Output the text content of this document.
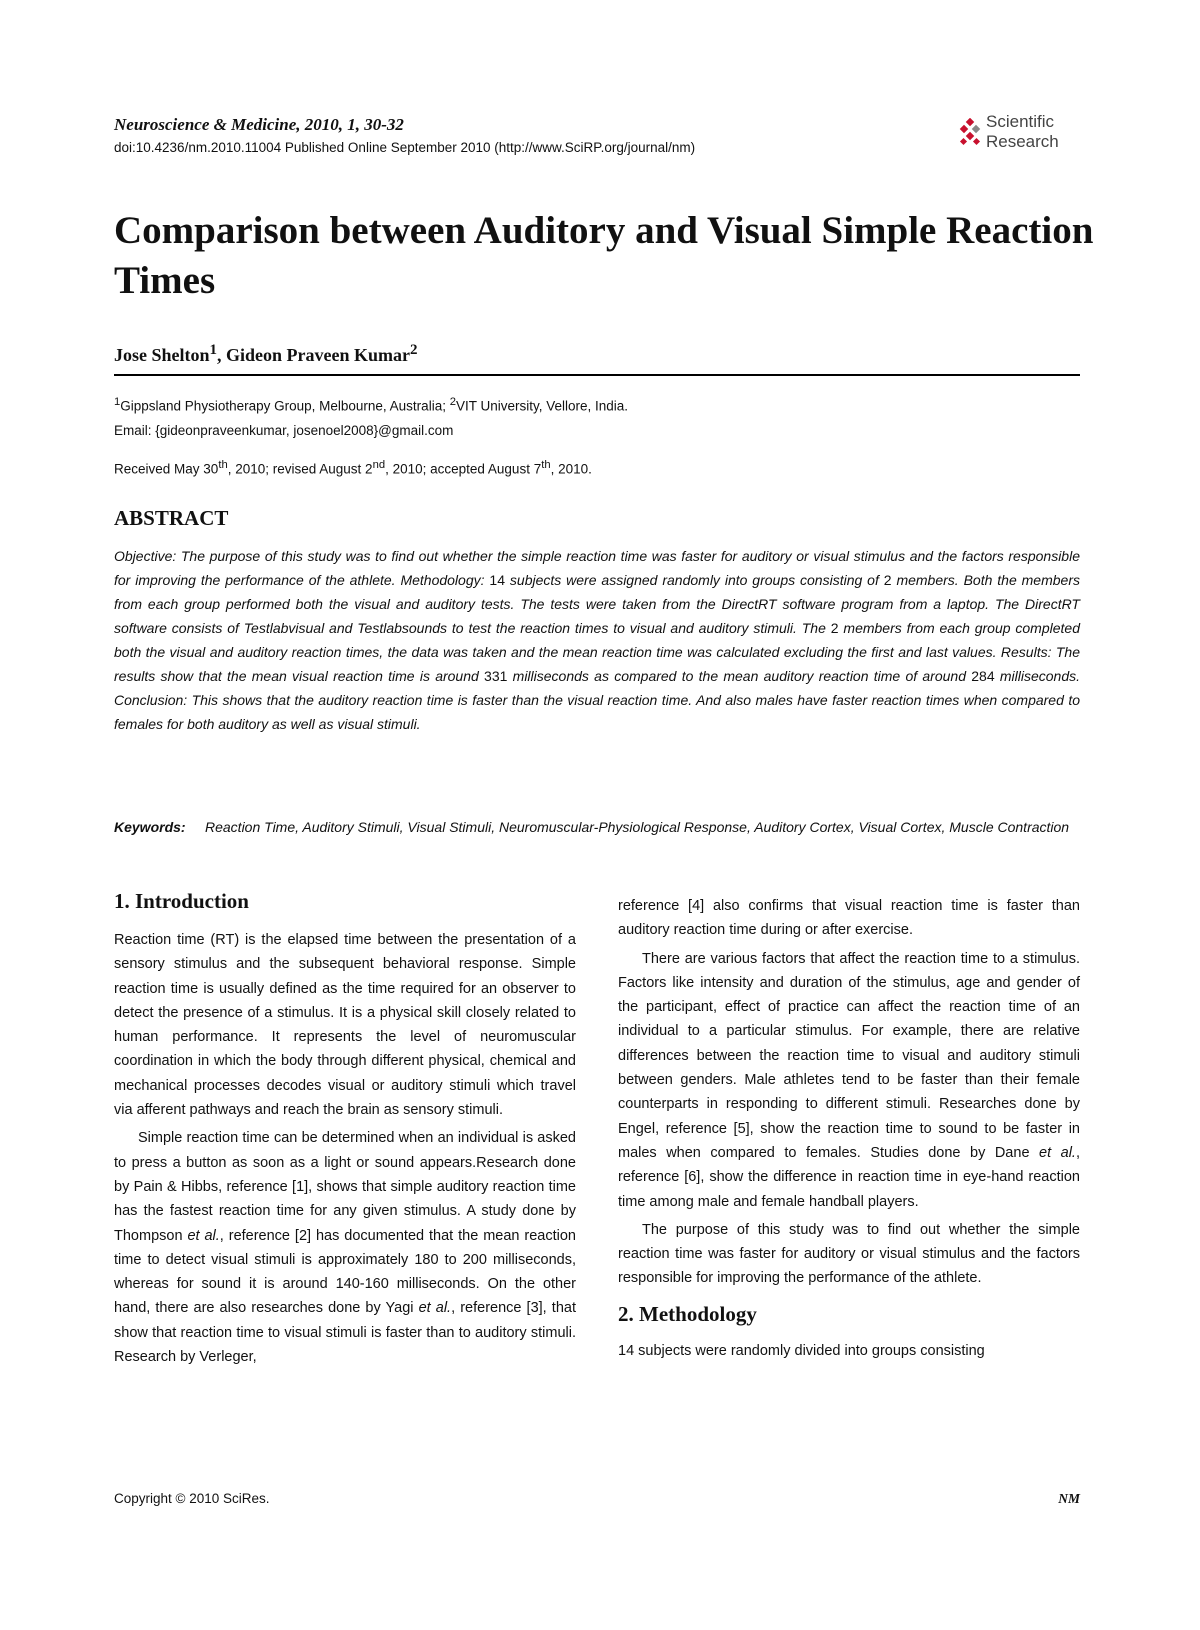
Neuroscience & Medicine, 2010, 1, 30-32
doi:10.4236/nm.2010.11004 Published Online September 2010 (http://www.SciRP.org/journal/nm)
Scientific
Research
Comparison between Auditory and Visual Simple Reaction Times
Jose Shelton$^1$, Gideon Praveen Kumar$^2$
$^1$Gippsland Physiotherapy Group, Melbourne, Australia; $^2$VIT University, Vellore, India.
Email: {gideonpraveenkumar, josenoel2008}@gmail.com
Received May 30th, 2010; revised August 2nd, 2010; accepted August 7th, 2010.
ABSTRACT

Objective: The purpose of this study was to find out whether the simple reaction time was faster for auditory or visual stimulus and the factors responsible for improving the performance of the athlete. Methodology: 14 subjects were assigned randomly into groups consisting of 2 members. Both the members from each group performed both the visual and auditory tests. The tests were taken from the DirectRT software program from a laptop. The DirectRT software consists of Testlabvisual and Testlabsounds to test the reaction times to visual and auditory stimuli. The 2 members from each group completed both the visual and auditory reaction times, the data was taken and the mean reaction time was calculated excluding the first and last values. Results: The results show that the mean visual reaction time is around 331 milliseconds as compared to the mean auditory reaction time of around 284 milliseconds. Conclusion: This shows that the auditory reaction time is faster than the visual reaction time. And also males have faster reaction times when compared to females for both auditory as well as visual stimuli.

Keywords:	Reaction Time, Auditory Stimuli, Visual Stimuli, Neuromuscular-Physiological Response, Auditory Cortex, Visual Cortex, Muscle Contraction
1. Introduction

Reaction time (RT) is the elapsed time between the presentation of a sensory stimulus and the subsequent behavioral response. Simple reaction time is usually defined as the time required for an observer to detect the presence of a stimulus. It is a physical skill closely related to human performance. It represents the level of neuromuscular coordination in which the body through different physical, chemical and mechanical processes decodes visual or auditory stimuli which travel via afferent pathways and reach the brain as sensory stimuli.

Simple reaction time can be determined when an individual is asked to press a button as soon as a light or sound appears.Research done by Pain & Hibbs, reference [1], shows that simple auditory reaction time has the fastest reaction time for any given stimulus. A study done by Thompson et al., reference [2] has documented that the mean reaction time to detect visual stimuli is approximately 180 to 200 milliseconds, whereas for sound it is around 140-160 milliseconds. On the other hand, there are also researches done by Yagi et al., reference [3], that show that reaction time to visual stimuli is faster than to auditory stimuli. Research by Verleger,

reference [4] also confirms that visual reaction time is faster than auditory reaction time during or after exercise.

There are various factors that affect the reaction time to a stimulus. Factors like intensity and duration of the stimulus, age and gender of the participant, effect of practice can affect the reaction time of an individual to a particular stimulus. For example, there are relative differences between the reaction time to visual and auditory stimuli between genders. Male athletes tend to be faster than their female counterparts in responding to different stimuli. Researches done by Engel, reference [5], show the reaction time to sound to be faster in males when compared to females. Studies done by Dane et al., reference [6], show the difference in reaction time in eye-hand reaction time among male and female handball players.

The purpose of this study was to find out whether the simple reaction time was faster for auditory or visual stimulus and the factors responsible for improving the performance of the athlete.

2. Methodology

14 subjects were randomly divided into groups consisting

Copyright © 2010 SciRes.	NM
